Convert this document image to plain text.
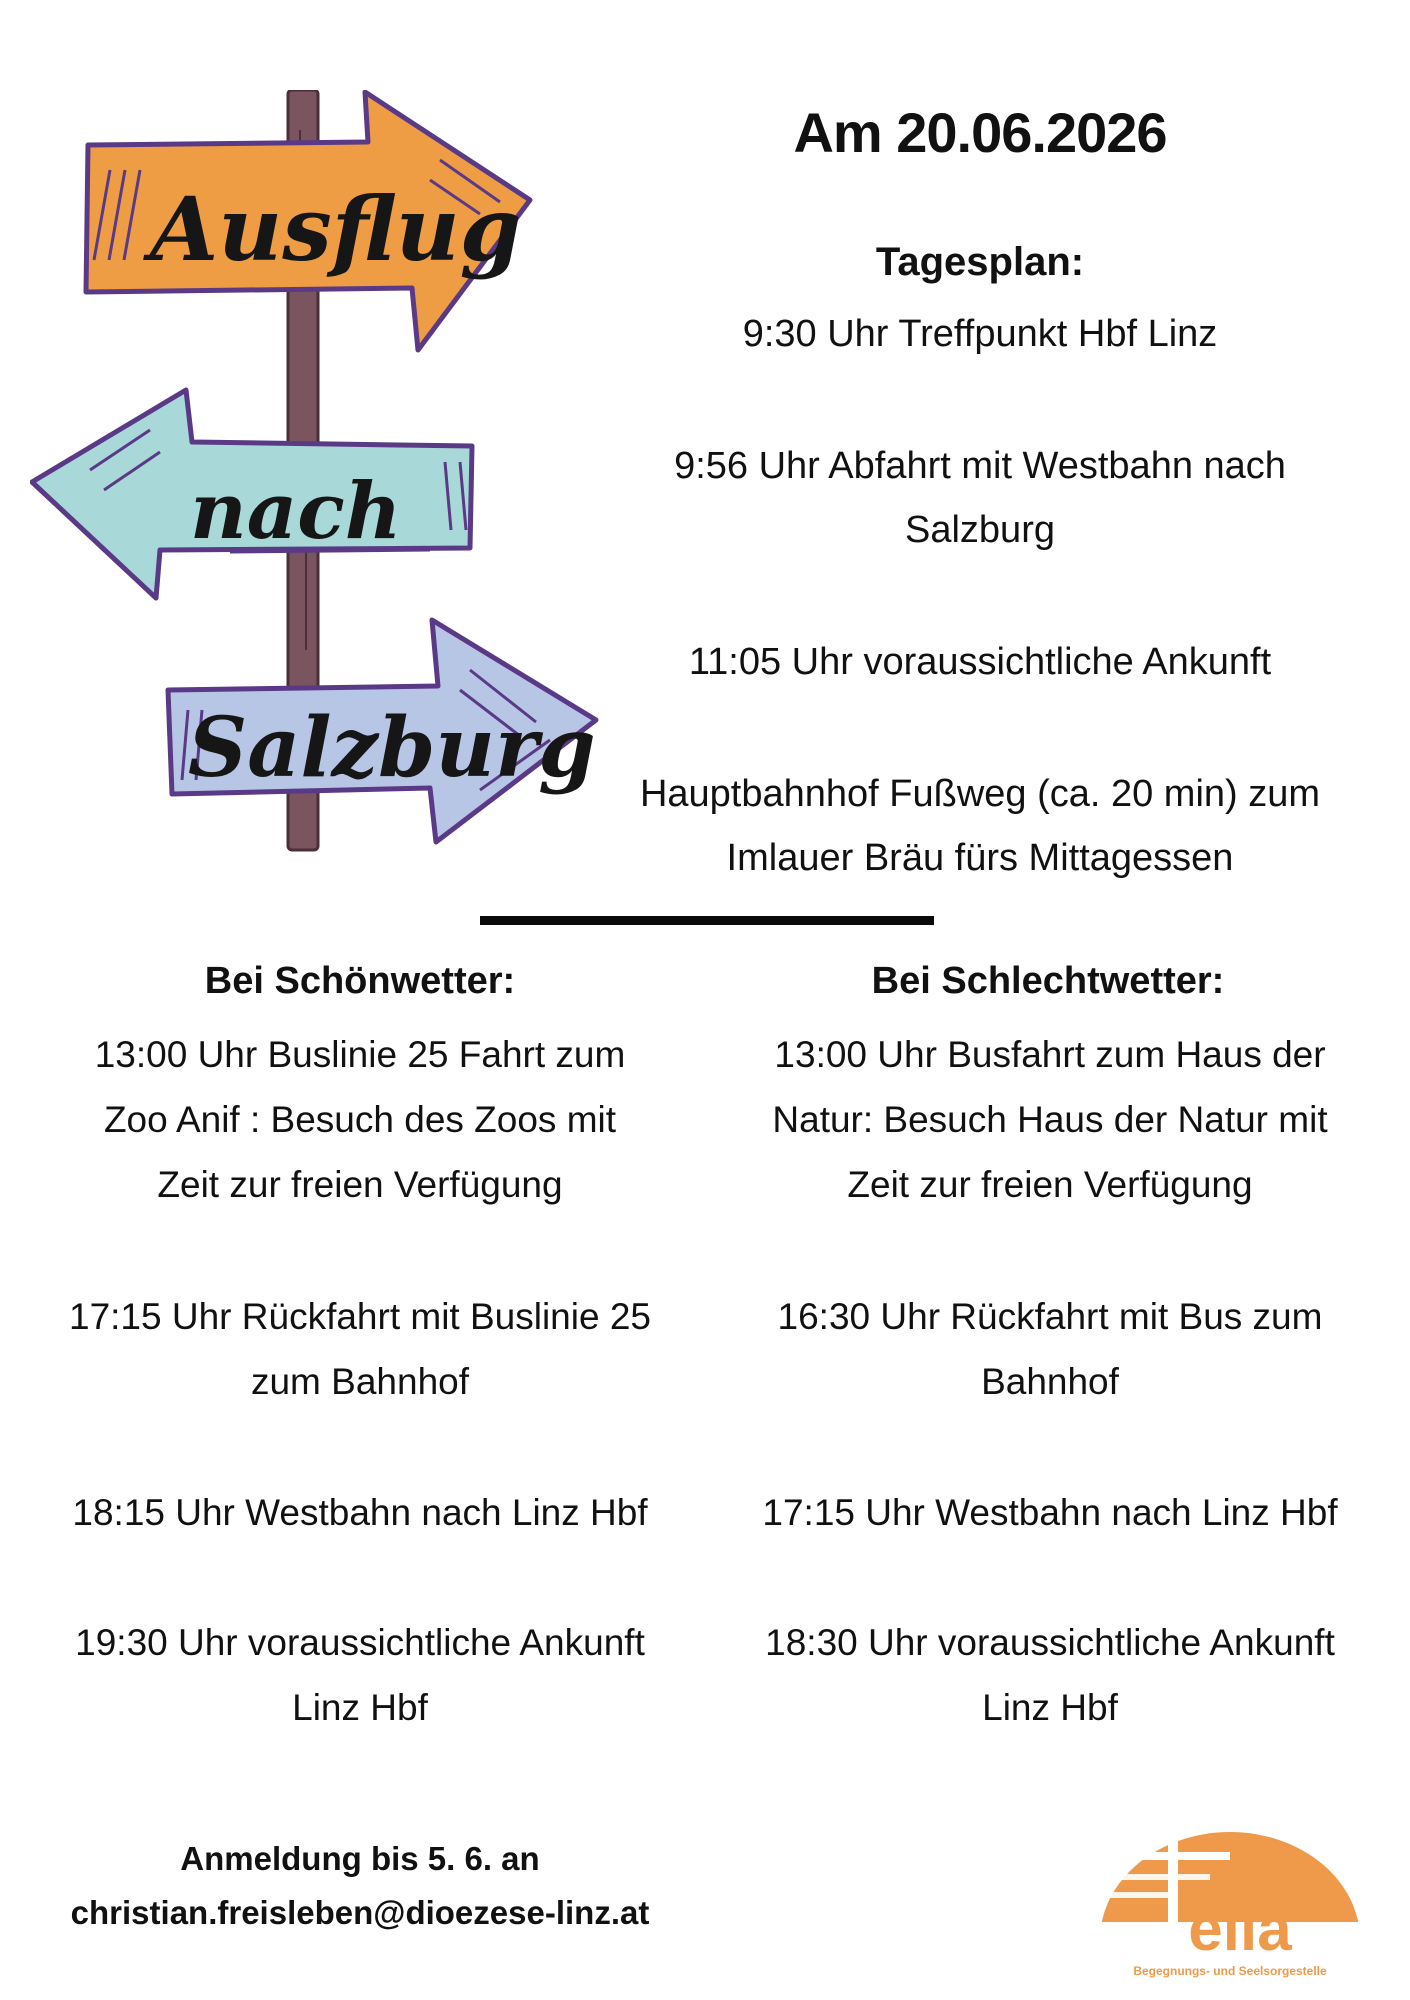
Ausflug
nach
Salzburg
Am 20.06.2026
Tagesplan:
9:30 Uhr Treffpunkt Hbf Linz
9:56 Uhr Abfahrt mit Westbahn nach Salzburg
11:05 Uhr voraussichtliche Ankunft
Hauptbahnhof Fußweg (ca. 20 min) zum Imlauer Bräu fürs Mittagessen
Bei Schönwetter:
13:00 Uhr Buslinie 25 Fahrt zum Zoo Anif : Besuch des Zoos mit Zeit zur freien Verfügung
17:15 Uhr Rückfahrt mit Buslinie 25 zum Bahnhof
18:15 Uhr Westbahn nach Linz Hbf
19:30 Uhr voraussichtliche Ankunft Linz Hbf
Bei Schlechtwetter:
13:00 Uhr Busfahrt zum Haus der Natur: Besuch Haus der Natur mit Zeit zur freien Verfügung
16:30 Uhr Rückfahrt mit Bus zum Bahnhof
17:15 Uhr Westbahn nach Linz Hbf
18:30 Uhr voraussichtliche Ankunft Linz Hbf
Anmeldung bis 5. 6. an
christian.freisleben@dioezese-linz.at	elia
Begegnungs- und Seelsorgestelle
